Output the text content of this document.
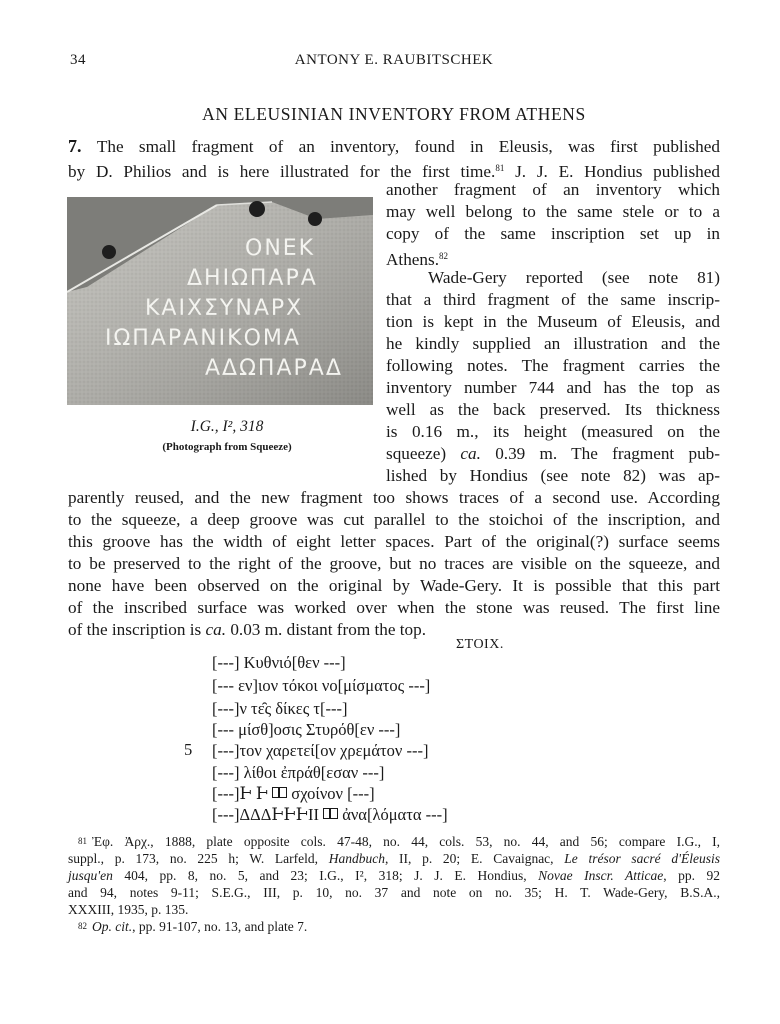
34	ANTONY E. RAUBITSCHEK
AN ELEUSINIAN INVENTORY FROM ATHENS
7. The small fragment of an inventory, found in Eleusis, was first published
by D. Philios and is here illustrated for the first time.$^{81}$ J. J. E. Hondius published
ΟΝΕΚ
ΔΗΙΩΠΑΡΑ
ΚΑΙΧΣΥΝΑΡΧ
ΙΩΠΑΡΑΝΙΚΟΜΑ
ΑΔΩΠΑΡΑΔ
I.G., I², 318
(Photograph from Squeeze)
another fragment of an inventory which
may well belong to the same stele or to a
copy of the same inscription set up in
Athens.$^{82}$
Wade-Gery reported (see note 81)
that a third fragment of the same inscrip-
tion is kept in the Museum of Eleusis, and
he kindly supplied an illustration and the
following notes. The fragment carries the
inventory number 744 and has the top as
well as the back preserved. Its thickness
is 0.16 m., its height (measured on the
squeeze) ca. 0.39 m. The fragment pub-
lished by Hondius (see note 82) was ap-
parently reused, and the new fragment too shows traces of a second use. According
to the squeeze, a deep groove was cut parallel to the stoichoi of the inscription, and
this groove has the width of eight letter spaces. Part of the original(?) surface seems
to be preserved to the right of the groove, but no traces are visible on the squeeze, and
none have been observed on the original by Wade-Gery. It is possible that this part
of the inscribed surface was worked over when the stone was reused. The first line
of the inscription is ca. 0.03 m. distant from the top.
ΣΤΟΙΧ.
[---] Κυθνιό[θεν ---]
[--- εν]ιον τόκοι νο[μίσματος ---]
[---]ν τε̑ς δίκες τ[---]
[--- μίσθ]οσις Στυρόθ[εν ---]
5 [---]τον χαρετεί[ον χρεμάτον ---]
[---] λίθοι ἐπράθ[εσαν ---]
[---]Ͱ Ͱ  σχοίνον [---]
[---]ΔΔΔͰͰͰΙΙ  ἀνα[λόματα ---]
81 Ἐφ. Ἀρχ., 1888, plate opposite cols. 47-48, no. 44, cols. 53, no. 44, and 56; compare I.G., I,
suppl., p. 173, no. 225 h; W. Larfeld, Handbuch, II, p. 20; E. Cavaignac, Le trésor sacré d'Éleusis
jusqu'en 404, pp. 8, no. 5, and 23; I.G., I², 318; J. J. E. Hondius, Novae Inscr. Atticae, pp. 92
and 94, notes 9-11; S.E.G., III, p. 10, no. 37 and note on no. 35; H. T. Wade-Gery, B.S.A.,
XXXIII, 1935, p. 135.
82 Op. cit., pp. 91-107, no. 13, and plate 7.
